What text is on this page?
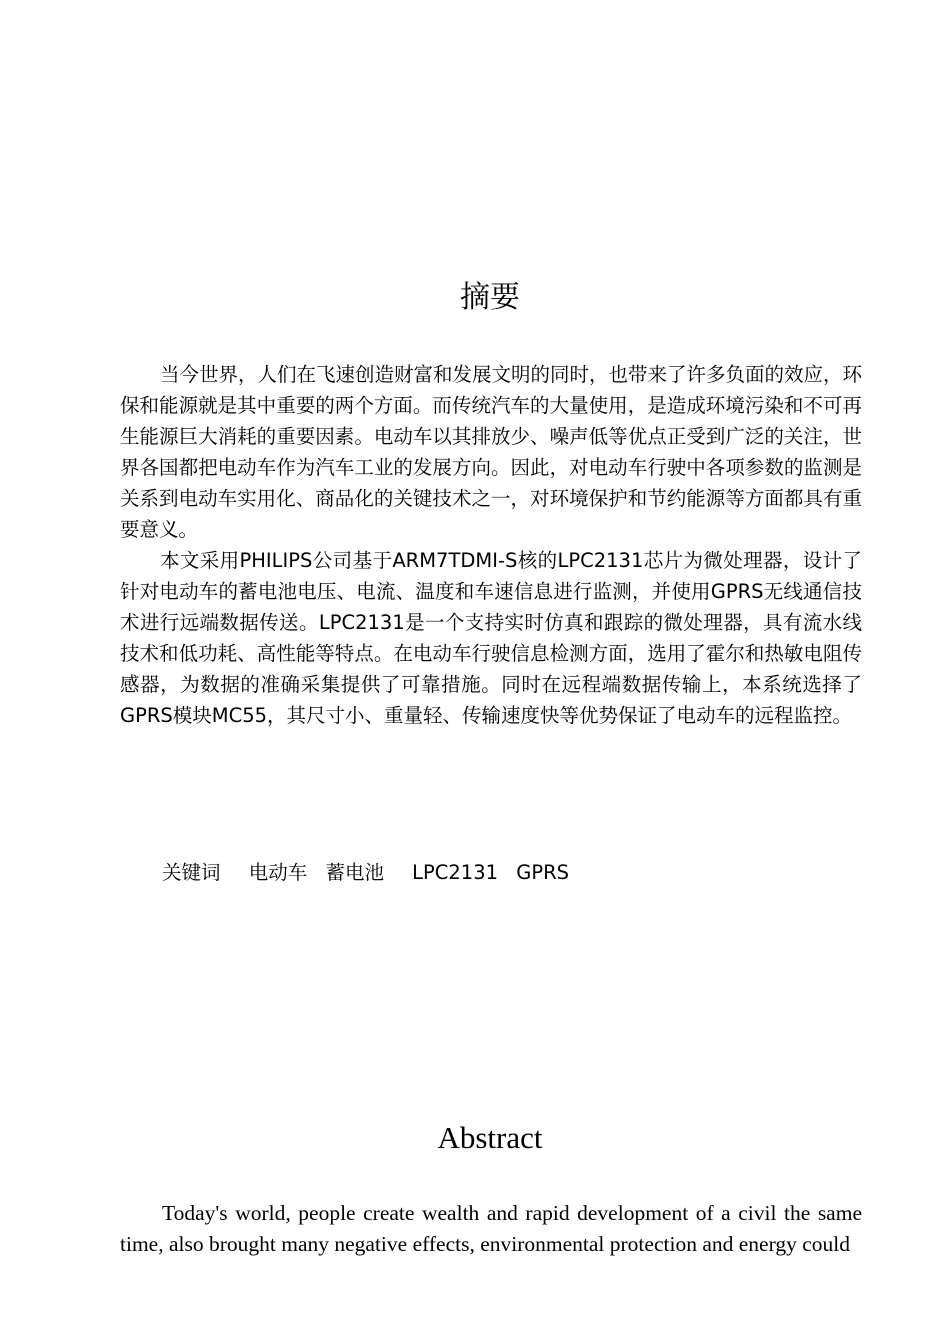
摘要

当今世界，人们在飞速创造财富和发展文明的同时，也带来了许多负面的效应，环保和能源就是其中重要的两个方面。而传统汽车的大量使用，是造成环境污染和不可再生能源巨大消耗的重要因素。电动车以其排放少、噪声低等优点正受到广泛的关注，世界各国都把电动车作为汽车工业的发展方向。因此，对电动车行驶中各项参数的监测是关系到电动车实用化、商品化的关键技术之一，对环境保护和节约能源等方面都具有重要意义。

本文采用PHILIPS公司基于ARM7TDMI-S核的LPC2131芯片为微处理器，设计了针对电动车的蓄电池电压、电流、温度和车速信息进行监测，并使用GPRS无线通信技术进行远端数据传送。LPC2131是一个支持实时仿真和跟踪的微处理器，具有流水线技术和低功耗、高性能等特点。在电动车行驶信息检测方面，选用了霍尔和热敏电阻传感器，为数据的准确采集提供了可靠措施。同时在远程端数据传输上，本系统选择了GPRS模块MC55，其尺寸小、重量轻、传输速度快等优势保证了电动车的远程监控。

关键词 电动车 蓄电池 LPC2131 GPRS
Abstract

Today's world, people create wealth and rapid development of a civil the same time, also brought many negative effects, environmental protection and energy could
